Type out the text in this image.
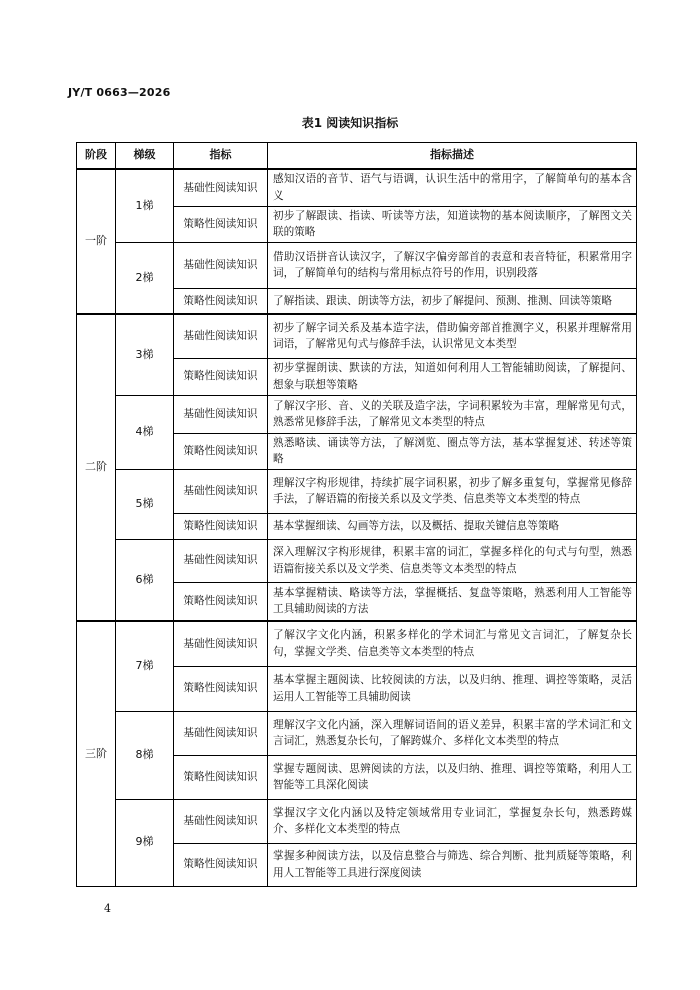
JY/T 0663—2026
表1 阅读知识指标
阶段	梯级	指标	指标描述
一阶	1梯	基础性阅读知识	感知汉语的音节、语气与语调，认识生活中的常用字，了解简单句的基本含义
		策略性阅读知识	初步了解跟读、指读、听读等方法，知道读物的基本阅读顺序，了解图文关联的策略
	2梯	基础性阅读知识	借助汉语拼音认读汉字，了解汉字偏旁部首的表意和表音特征，积累常用字词，了解简单句的结构与常用标点符号的作用，识别段落
		策略性阅读知识	了解指读、跟读、朗读等方法，初步了解提问、预测、推测、回读等策略
二阶	3梯	基础性阅读知识	初步了解字词关系及基本造字法，借助偏旁部首推测字义，积累并理解常用词语，了解常见句式与修辞手法，认识常见文本类型
		策略性阅读知识	初步掌握朗读、默读的方法，知道如何利用人工智能辅助阅读，了解提问、想象与联想等策略
	4梯	基础性阅读知识	了解汉字形、音、义的关联及造字法，字词积累较为丰富，理解常见句式，熟悉常见修辞手法，了解常见文本类型的特点
		策略性阅读知识	熟悉略读、诵读等方法，了解浏览、圈点等方法，基本掌握复述、转述等策略
	5梯	基础性阅读知识	理解汉字构形规律，持续扩展字词积累，初步了解多重复句，掌握常见修辞手法，了解语篇的衔接关系以及文学类、信息类等文本类型的特点
		策略性阅读知识	基本掌握细读、勾画等方法，以及概括、提取关键信息等策略
	6梯	基础性阅读知识	深入理解汉字构形规律，积累丰富的词汇，掌握多样化的句式与句型，熟悉语篇衔接关系以及文学类、信息类等文本类型的特点
		策略性阅读知识	基本掌握精读、略读等方法，掌握概括、复盘等策略，熟悉利用人工智能等工具辅助阅读的方法
三阶	7梯	基础性阅读知识	了解汉字文化内涵，积累多样化的学术词汇与常见文言词汇，了解复杂长句，掌握文学类、信息类等文本类型的特点
		策略性阅读知识	基本掌握主题阅读、比较阅读的方法，以及归纳、推理、调控等策略，灵活运用人工智能等工具辅助阅读
	8梯	基础性阅读知识	理解汉字文化内涵，深入理解词语间的语义差异，积累丰富的学术词汇和文言词汇，熟悉复杂长句，了解跨媒介、多样化文本类型的特点
		策略性阅读知识	掌握专题阅读、思辨阅读的方法，以及归纳、推理、调控等策略，利用人工智能等工具深化阅读
	9梯	基础性阅读知识	掌握汉字文化内涵以及特定领域常用专业词汇，掌握复杂长句，熟悉跨媒介、多样化文本类型的特点
		策略性阅读知识	掌握多种阅读方法，以及信息整合与筛选、综合判断、批判质疑等策略，利用人工智能等工具进行深度阅读
4
